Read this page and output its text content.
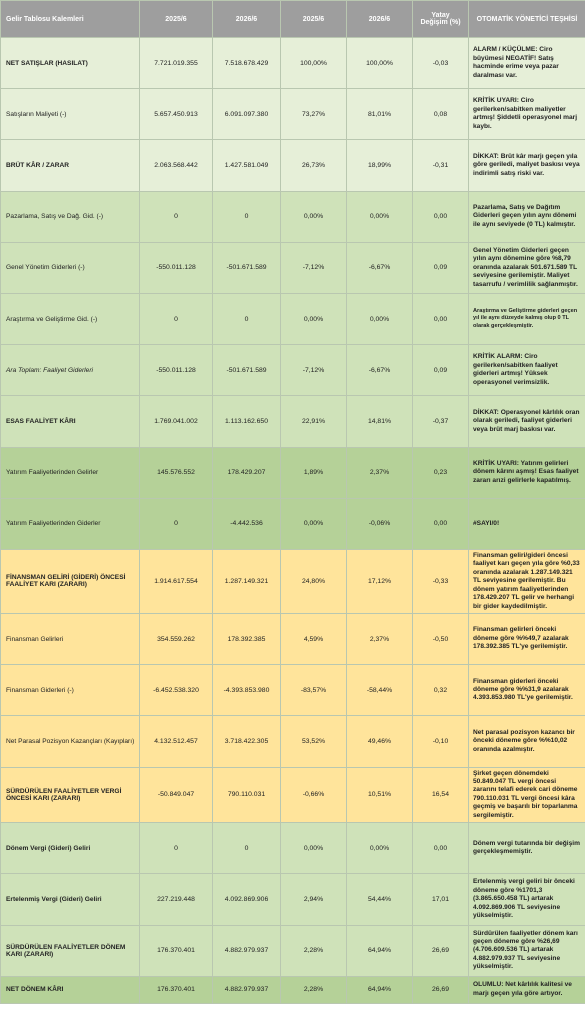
Gelir Tablosu Kalemleri	2025/6	2026/6	2025/6	2026/6	Yatay Değişim (%)	OTOMATİK YÖNETİCİ TEŞHİSİ
NET SATIŞLAR (HASILAT)	7.721.019.355	7.518.678.429	100,00%	100,00%	-0,03	ALARM / KÜÇÜLME: Ciro büyümesi NEGATİF! Satış hacminde erime veya pazar daralması var.
Satışların Maliyeti (-)	5.657.450.913	6.091.097.380	73,27%	81,01%	0,08	KRİTİK UYARI: Ciro gerilerken/sabitken maliyetler artmış! Şiddetli operasyonel marj kaybı.
BRÜT KÂR / ZARAR	2.063.568.442	1.427.581.049	26,73%	18,99%	-0,31	DİKKAT: Brüt kâr marjı geçen yıla göre geriledi, maliyet baskısı veya indirimli satış riski var.
Pazarlama, Satış ve Dağ. Gid. (-)	0	0	0,00%	0,00%	0,00	Pazarlama, Satış ve Dağıtım Giderleri geçen yılın aynı dönemi ile aynı seviyede (0 TL) kalmıştır.
Genel Yönetim Giderleri (-)	-550.011.128	-501.671.589	-7,12%	-6,67%	0,09	Genel Yönetim Giderleri geçen yılın aynı dönemine göre %8,79 oranında azalarak 501.671.589 TL seviyesine gerilemiştir. Maliyet tasarrufu / verimlilik sağlanmıştır.
Araştırma ve Geliştirme Gid. (-)	0	0	0,00%	0,00%	0,00	Araştırma ve Geliştirme giderleri geçen yıl ile aynı düzeyde kalmış olup 0 TL olarak gerçekleşmiştir.
Ara Toplam: Faaliyet Giderleri	-550.011.128	-501.671.589	-7,12%	-6,67%	0,09	KRİTİK ALARM: Ciro gerilerken/sabitken faaliyet giderleri artmış! Yüksek operasyonel verimsizlik.
ESAS FAALİYET KÂRI	1.769.041.002	1.113.162.650	22,91%	14,81%	-0,37	DİKKAT: Operasyonel kârlılık oran olarak geriledi, faaliyet giderleri veya brüt marj baskısı var.
Yatırım Faaliyetlerinden Gelirler	145.576.552	178.429.207	1,89%	2,37%	0,23	KRİTİK UYARI: Yatırım gelirleri dönem kârını aşmış! Esas faaliyet zararı arızi gelirlerle kapatılmış.
Yatırım Faaliyetlerinden Giderler	0	-4.442.536	0,00%	-0,06%	0,00	#SAYI/0!
FİNANSMAN GELİRİ (GİDERİ) ÖNCESİ FAALİYET KARI (ZARARI)	1.914.617.554	1.287.149.321	24,80%	17,12%	-0,33	Finansman geliri/gideri öncesi faaliyet karı geçen yıla göre %0,33 oranında azalarak 1.287.149.321 TL seviyesine gerilemiştir. Bu dönem yatırım faaliyetlerinden 178.429.207 TL gelir ve herhangi bir gider kaydedilmiştir.
Finansman Gelirleri	354.559.262	178.392.385	4,59%	2,37%	-0,50	Finansman gelirleri önceki döneme göre %%49,7 azalarak 178.392.385 TL'ye gerilemiştir.
Finansman Giderleri (-)	-6.452.538.320	-4.393.853.980	-83,57%	-58,44%	0,32	Finansman giderleri önceki döneme göre %%31,9 azalarak 4.393.853.980 TL'ye gerilemiştir.
Net Parasal Pozisyon Kazançları (Kayıpları)	4.132.512.457	3.718.422.305	53,52%	49,46%	-0,10	Net parasal pozisyon kazancı bir önceki döneme göre %%10,02 oranında azalmıştır.
SÜRDÜRÜLEN FAALİYETLER VERGİ ÖNCESİ KARI (ZARARI)	-50.849.047	790.110.031	-0,66%	10,51%	16,54	Şirket geçen dönemdeki 50.849.047 TL vergi öncesi zararını telafi ederek cari döneme 790.110.031 TL vergi öncesi kâra geçmiş ve başarılı bir toparlanma sergilemiştir.
Dönem Vergi (Gideri) Geliri	0	0	0,00%	0,00%	0,00	Dönem vergi tutarında bir değişim gerçekleşmemiştir.
Ertelenmiş Vergi (Gideri) Geliri	227.219.448	4.092.869.906	2,94%	54,44%	17,01	Ertelenmiş vergi geliri bir önceki döneme göre %1701,3 (3.865.650.458 TL) artarak 4.092.869.906 TL seviyesine yükselmiştir.
SÜRDÜRÜLEN FAALİYETLER DÖNEM KARI (ZARARI)	176.370.401	4.882.979.937	2,28%	64,94%	26,69	Sürdürülen faaliyetler dönem karı geçen döneme göre %26,69 (4.706.609.536 TL) artarak 4.882.979.937 TL seviyesine yükselmiştir.
NET DÖNEM KÂRI	176.370.401	4.882.979.937	2,28%	64,94%	26,69	OLUMLU: Net kârlılık kalitesi ve marjı geçen yıla göre artıyor.
